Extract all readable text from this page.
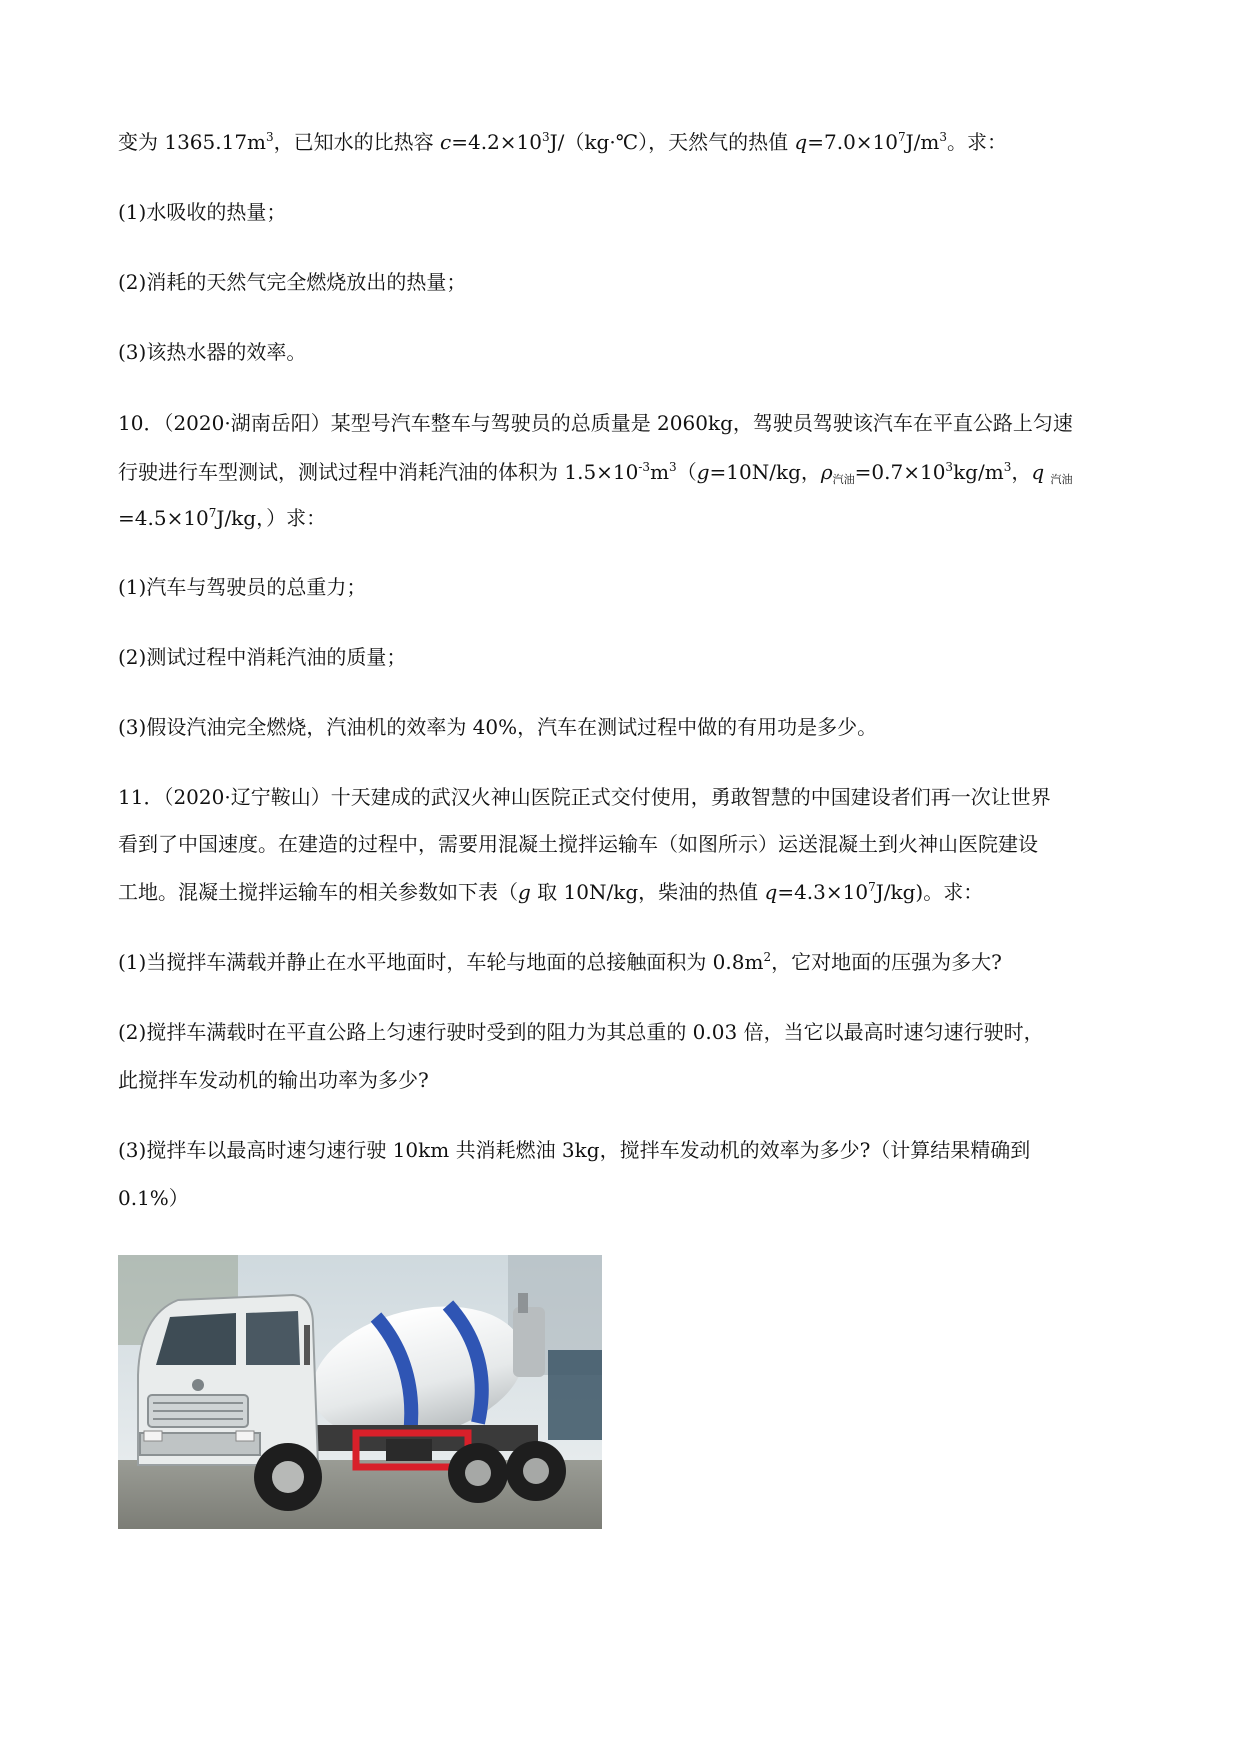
变为 $1365.17m^3$，已知水的比热容 $c=4.2\times 10^3J/(kg\cdot℃)$，天然气的热值 $q=7.0\times 10^7J/m^3$。求：
(1)水吸收的热量；
(2)消耗的天然气完全燃烧放出的热量；
(3)该热水器的效率。
10．（2020·湖南岳阳）某型号汽车整车与驾驶员的总质量是 2060kg，驾驶员驾驶该汽车在平直公路上匀速
行驶进行车型测试，测试过程中消耗汽油的体积为 $1.5\times 10^{-3}m^3(g=10N/kg$，$\rho_{汽油}=0.7\times 10^3kg/m^3$，q $_{汽油}$
$=4.5\times 10^7J/kg$，）求：
(1)汽车与驾驶员的总重力；
(2)测试过程中消耗汽油的质量；
(3)假设汽油完全燃烧，汽油机的效率为 40%，汽车在测试过程中做的有用功是多少。
11．（2020·辽宁鞍山）十天建成的武汉火神山医院正式交付使用，勇敢智慧的中国建设者们再一次让世界
看到了中国速度。在建造的过程中，需要用混凝土搅拌运输车（如图所示）运送混凝土到火神山医院建设
工地。混凝土搅拌运输车的相关参数如下表（g 取 10N/kg，柴油的热值 $q=4.3\times 10^7J/kg$)。求：
(1)当搅拌车满载并静止在水平地面时，车轮与地面的总接触面积为 $0.8m^2$，它对地面的压强为多大?
(2)搅拌车满载时在平直公路上匀速行驶时受到的阻力为其总重的 0.03 倍，当它以最高时速匀速行驶时，
此搅拌车发动机的输出功率为多少?
(3)搅拌车以最高时速匀速行驶 10km 共消耗燃油 3kg，搅拌车发动机的效率为多少?（计算结果精确到
0.1%）
